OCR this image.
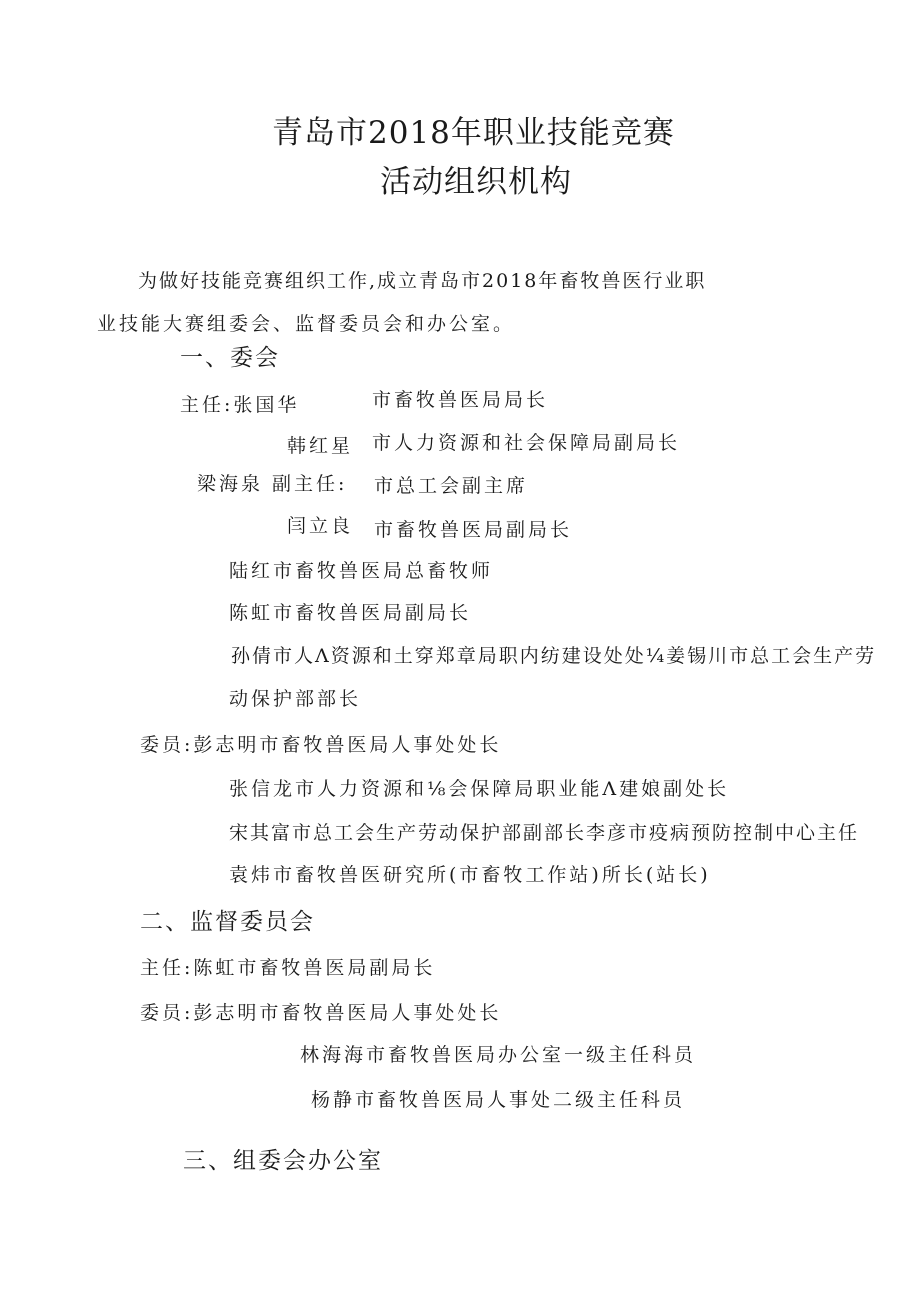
青岛市2018年职业技能竞赛
活动组织机构
为做好技能竞赛组织工作,成立青岛市2018年畜牧兽医行业职
业技能大赛组委会、监督委员会和办公室。
一、委会
主任:张国华	市畜牧兽医局局长
韩红星 市人力资源和社会保障局副局长
梁海泉 副主任: 市总工会副主席
闫立良 市畜牧兽医局副局长
陆红市畜牧兽医局总畜牧师
陈虹市畜牧兽医局副局长
孙倩市人Λ资源和土穿郑章局职内纺建设处处¼姜锡川市总工会生产劳
动保护部部长
委员:彭志明市畜牧兽医局人事处处长
张信龙市人力资源和⅛会保障局职业能Λ建娘副处长
宋其富市总工会生产劳动保护部副部长李彦市疫病预防控制中心主任
袁炜市畜牧兽医研究所(市畜牧工作站)所长(站长)
二、监督委员会
主任:陈虹市畜牧兽医局副局长
委员:彭志明市畜牧兽医局人事处处长
林海海市畜牧兽医局办公室一级主任科员
杨静市畜牧兽医局人事处二级主任科员
三、组委会办公室
